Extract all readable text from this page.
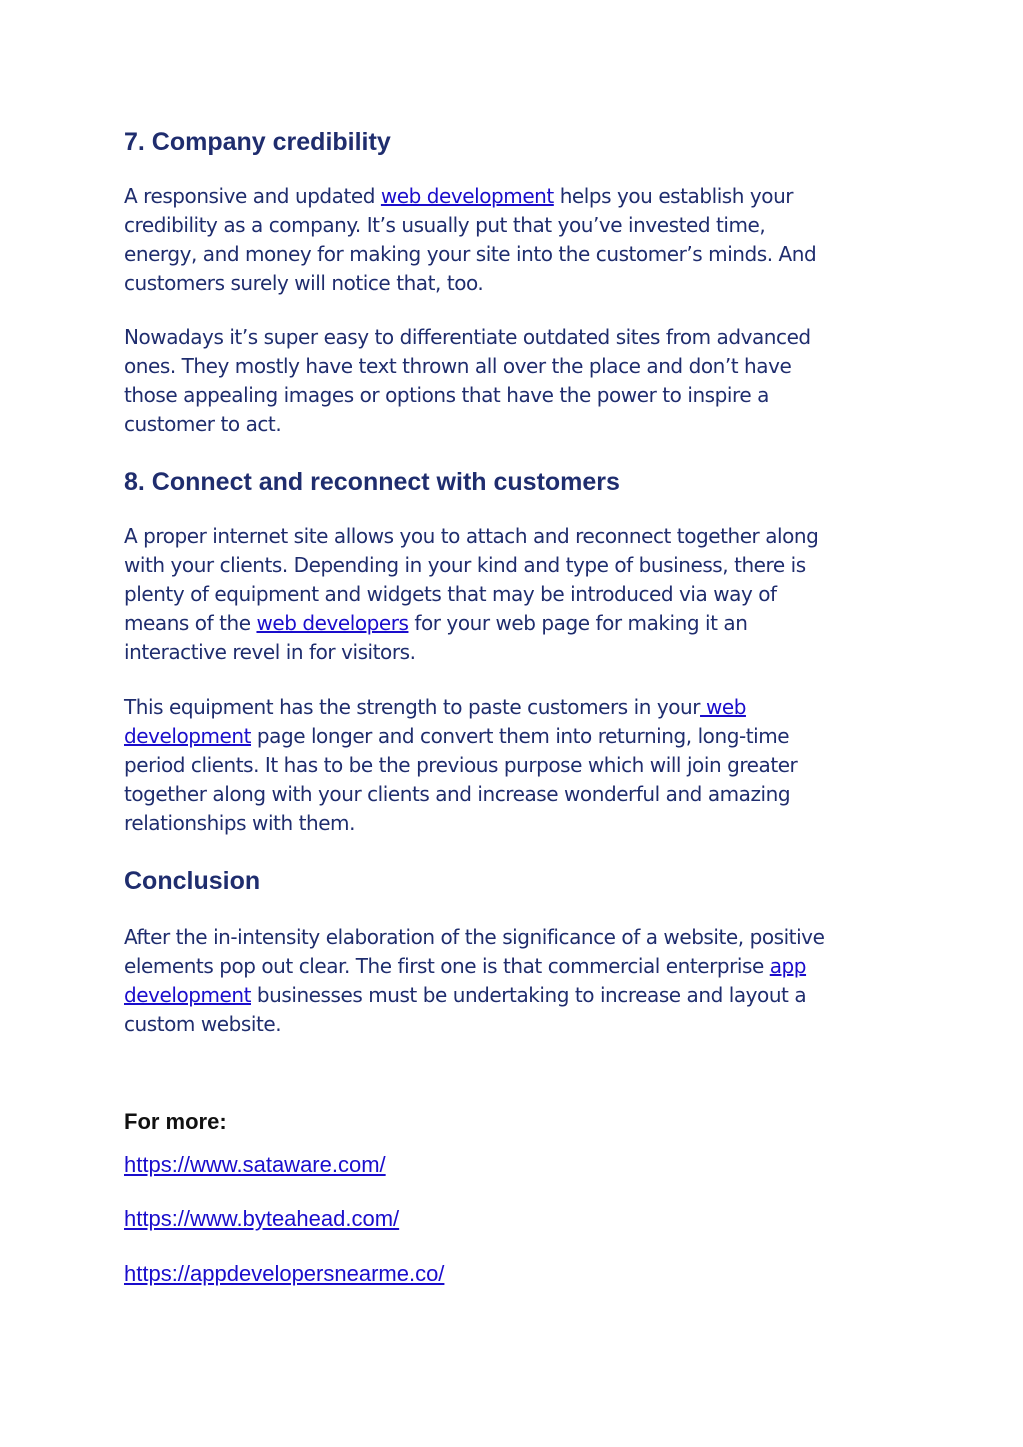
7. Company credibility

A responsive and updated web development helps you establish your
credibility as a company. It’s usually put that you’ve invested time,
energy, and money for making your site into the customer’s minds. And
customers surely will notice that, too.

Nowadays it’s super easy to differentiate outdated sites from advanced
ones. They mostly have text thrown all over the place and don’t have
those appealing images or options that have the power to inspire a
customer to act.

8. Connect and reconnect with customers

A proper internet site allows you to attach and reconnect together along
with your clients. Depending in your kind and type of business, there is
plenty of equipment and widgets that may be introduced via way of
means of the web developers for your web page for making it an
interactive revel in for visitors.

This equipment has the strength to paste customers in your web
development page longer and convert them into returning, long-time
period clients. It has to be the previous purpose which will join greater
together along with your clients and increase wonderful and amazing
relationships with them.

Conclusion

After the in-intensity elaboration of the significance of a website, positive
elements pop out clear. The first one is that commercial enterprise app
development businesses must be undertaking to increase and layout a
custom website.

For more:

https://www.sataware.com/
https://www.byteahead.com/
https://appdevelopersnearme.co/
